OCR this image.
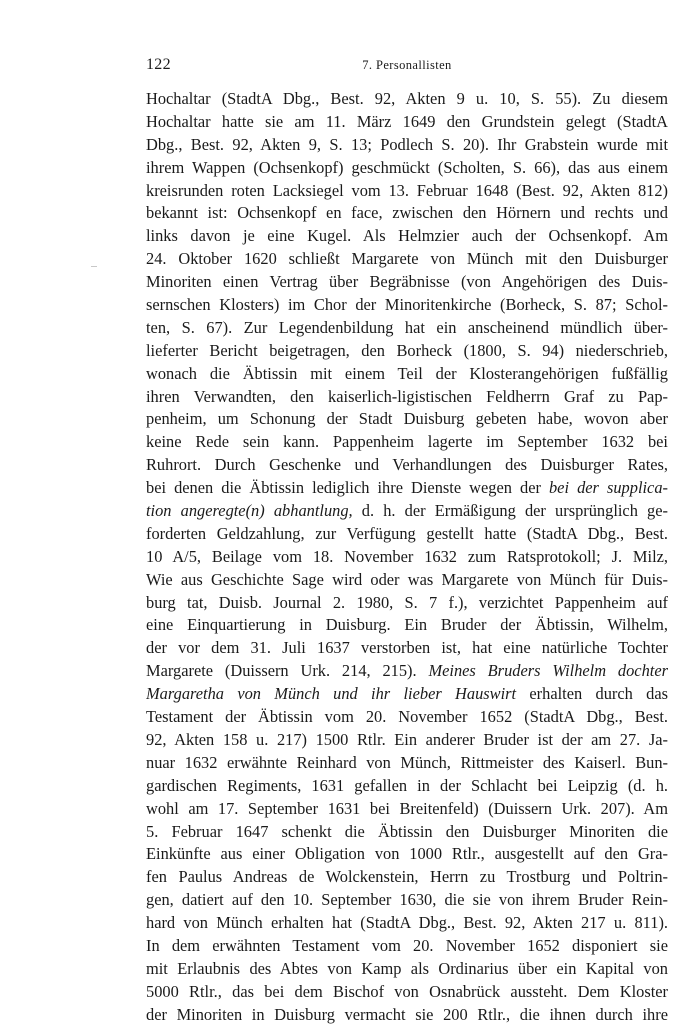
122	7. Personallisten
Hochaltar (StadtA Dbg., Best. 92, Akten 9 u. 10, S. 55). Zu diesem
Hochaltar hatte sie am 11. März 1649 den Grundstein gelegt (StadtA
Dbg., Best. 92, Akten 9, S. 13; Podlech S. 20). Ihr Grabstein wurde mit
ihrem Wappen (Ochsenkopf) geschmückt (Scholten, S. 66), das aus einem
kreisrunden roten Lacksiegel vom 13. Februar 1648 (Best. 92, Akten 812)
bekannt ist: Ochsenkopf en face, zwischen den Hörnern und rechts und
links davon je eine Kugel. Als Helmzier auch der Ochsenkopf. Am
24. Oktober 1620 schließt Margarete von Münch mit den Duisburger
Minoriten einen Vertrag über Begräbnisse (von Angehörigen des Duis-
sernschen Klosters) im Chor der Minoritenkirche (Borheck, S. 87; Schol-
ten, S. 67). Zur Legendenbildung hat ein anscheinend mündlich über-
lieferter Bericht beigetragen, den Borheck (1800, S. 94) niederschrieb,
wonach die Äbtissin mit einem Teil der Klosterangehörigen fußfällig
ihren Verwandten, den kaiserlich-ligistischen Feldherrn Graf zu Pap-
penheim, um Schonung der Stadt Duisburg gebeten habe, wovon aber
keine Rede sein kann. Pappenheim lagerte im September 1632 bei
Ruhrort. Durch Geschenke und Verhandlungen des Duisburger Rates,
bei denen die Äbtissin lediglich ihre Dienste wegen der bei der supplica-
tion angeregte(n) abhantlung, d. h. der Ermäßigung der ursprünglich ge-
forderten Geldzahlung, zur Verfügung gestellt hatte (StadtA Dbg., Best.
10 A/5, Beilage vom 18. November 1632 zum Ratsprotokoll; J. Milz,
Wie aus Geschichte Sage wird oder was Margarete von Münch für Duis-
burg tat, Duisb. Journal 2. 1980, S. 7 f.), verzichtet Pappenheim auf
eine Einquartierung in Duisburg. Ein Bruder der Äbtissin, Wilhelm,
der vor dem 31. Juli 1637 verstorben ist, hat eine natürliche Tochter
Margarete (Duissern Urk. 214, 215). Meines Bruders Wilhelm dochter
Margaretha von Münch und ihr lieber Hauswirt erhalten durch das
Testament der Äbtissin vom 20. November 1652 (StadtA Dbg., Best.
92, Akten 158 u. 217) 1500 Rtlr. Ein anderer Bruder ist der am 27. Ja-
nuar 1632 erwähnte Reinhard von Münch, Rittmeister des Kaiserl. Bun-
gardischen Regiments, 1631 gefallen in der Schlacht bei Leipzig (d. h.
wohl am 17. September 1631 bei Breitenfeld) (Duissern Urk. 207). Am
5. Februar 1647 schenkt die Äbtissin den Duisburger Minoriten die
Einkünfte aus einer Obligation von 1000 Rtlr., ausgestellt auf den Gra-
fen Paulus Andreas de Wolckenstein, Herrn zu Trostburg und Poltrin-
gen, datiert auf den 10. September 1630, die sie von ihrem Bruder Rein-
hard von Münch erhalten hat (StadtA Dbg., Best. 92, Akten 217 u. 811).
In dem erwähnten Testament vom 20. November 1652 disponiert sie
mit Erlaubnis des Abtes von Kamp als Ordinarius über ein Kapital von
5000 Rtlr., das bei dem Bischof von Osnabrück aussteht. Dem Kloster
der Minoriten in Duisburg vermacht sie 200 Rtlr., die ihnen durch ihre
